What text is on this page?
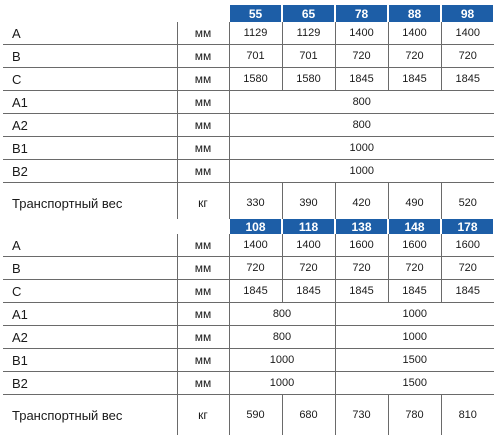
		55	65	78	88	98
A	мм	1129	1129	1400	1400	1400
B	мм	701	701	720	720	720
C	мм	1580	1580	1845	1845	1845
A1	мм	800				
A2	мм	800				
B1	мм	1000				
B2	мм	1000				
Транспортный вес	кг	330	390	420	490	520
		108	118	138	148	178
A	мм	1400	1400	1600	1600	1600
B	мм	720	720	720	720	720
C	мм	1845	1845	1845	1845	1845
A1	мм	800		1000		
A2	мм	800		1000		
B1	мм	1000		1500		
B2	мм	1000		1500		
Транспортный вес	кг	590	680	730	780	810
